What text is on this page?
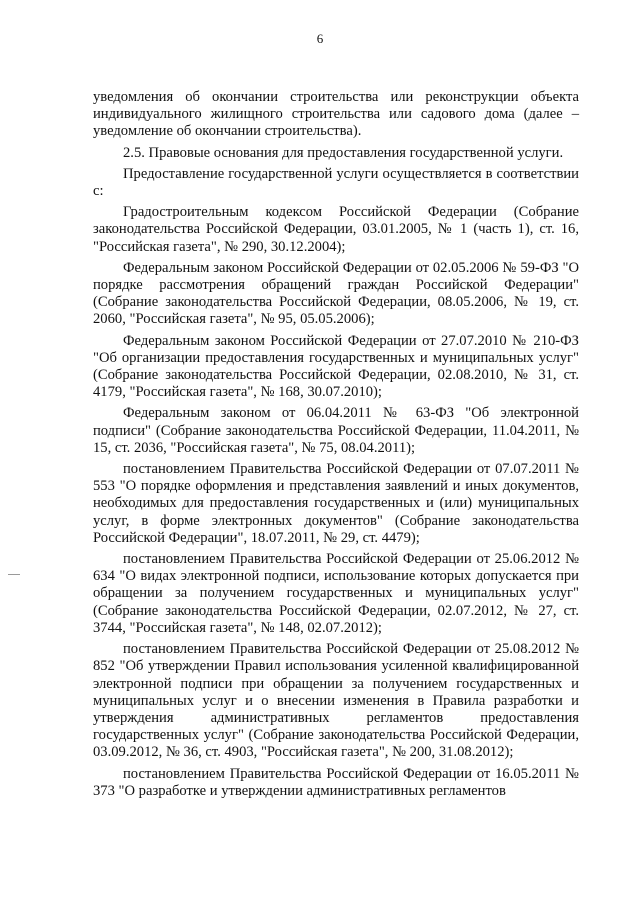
6

уведомления об окончании строительства или реконструкции объекта индивидуального жилищного строительства или садового дома (далее – уведомление об окончании строительства).

2.5. Правовые основания для предоставления государственной услуги.

Предоставление государственной услуги осуществляется в соответствии с:

Градостроительным кодексом Российской Федерации (Собрание законодательства Российской Федерации, 03.01.2005, № 1 (часть 1), ст. 16, "Российская газета", № 290, 30.12.2004);

Федеральным законом Российской Федерации от 02.05.2006 № 59-ФЗ "О порядке рассмотрения обращений граждан Российской Федерации" (Собрание законодательства Российской Федерации, 08.05.2006, № 19, ст. 2060, "Российская газета", № 95, 05.05.2006);

Федеральным законом Российской Федерации от 27.07.2010 № 210-ФЗ "Об организации предоставления государственных и муниципальных услуг" (Собрание законодательства Российской Федерации, 02.08.2010, № 31, ст. 4179, "Российская газета", № 168, 30.07.2010);

Федеральным законом от 06.04.2011 № 63-ФЗ "Об электронной подписи" (Собрание законодательства Российской Федерации, 11.04.2011, № 15, ст. 2036, "Российская газета", № 75, 08.04.2011);

постановлением Правительства Российской Федерации от 07.07.2011 № 553 "О порядке оформления и представления заявлений и иных документов, необходимых для предоставления государственных и (или) муниципальных услуг, в форме электронных документов" (Собрание законодательства Российской Федерации", 18.07.2011, № 29, ст. 4479);

постановлением Правительства Российской Федерации от 25.06.2012 № 634 "О видах электронной подписи, использование которых допускается при обращении за получением государственных и муниципальных услуг" (Собрание законодательства Российской Федерации, 02.07.2012, № 27, ст. 3744, "Российская газета", № 148, 02.07.2012);

постановлением Правительства Российской Федерации от 25.08.2012 № 852 "Об утверждении Правил использования усиленной квалифицированной электронной подписи при обращении за получением государственных и муниципальных услуг и о внесении изменения в Правила разработки и утверждения административных регламентов предоставления государственных услуг" (Собрание законодательства Российской Федерации, 03.09.2012, № 36, ст. 4903, "Российская газета", № 200, 31.08.2012);

постановлением Правительства Российской Федерации от 16.05.2011 № 373 "О разработке и утверждении административных регламентов
